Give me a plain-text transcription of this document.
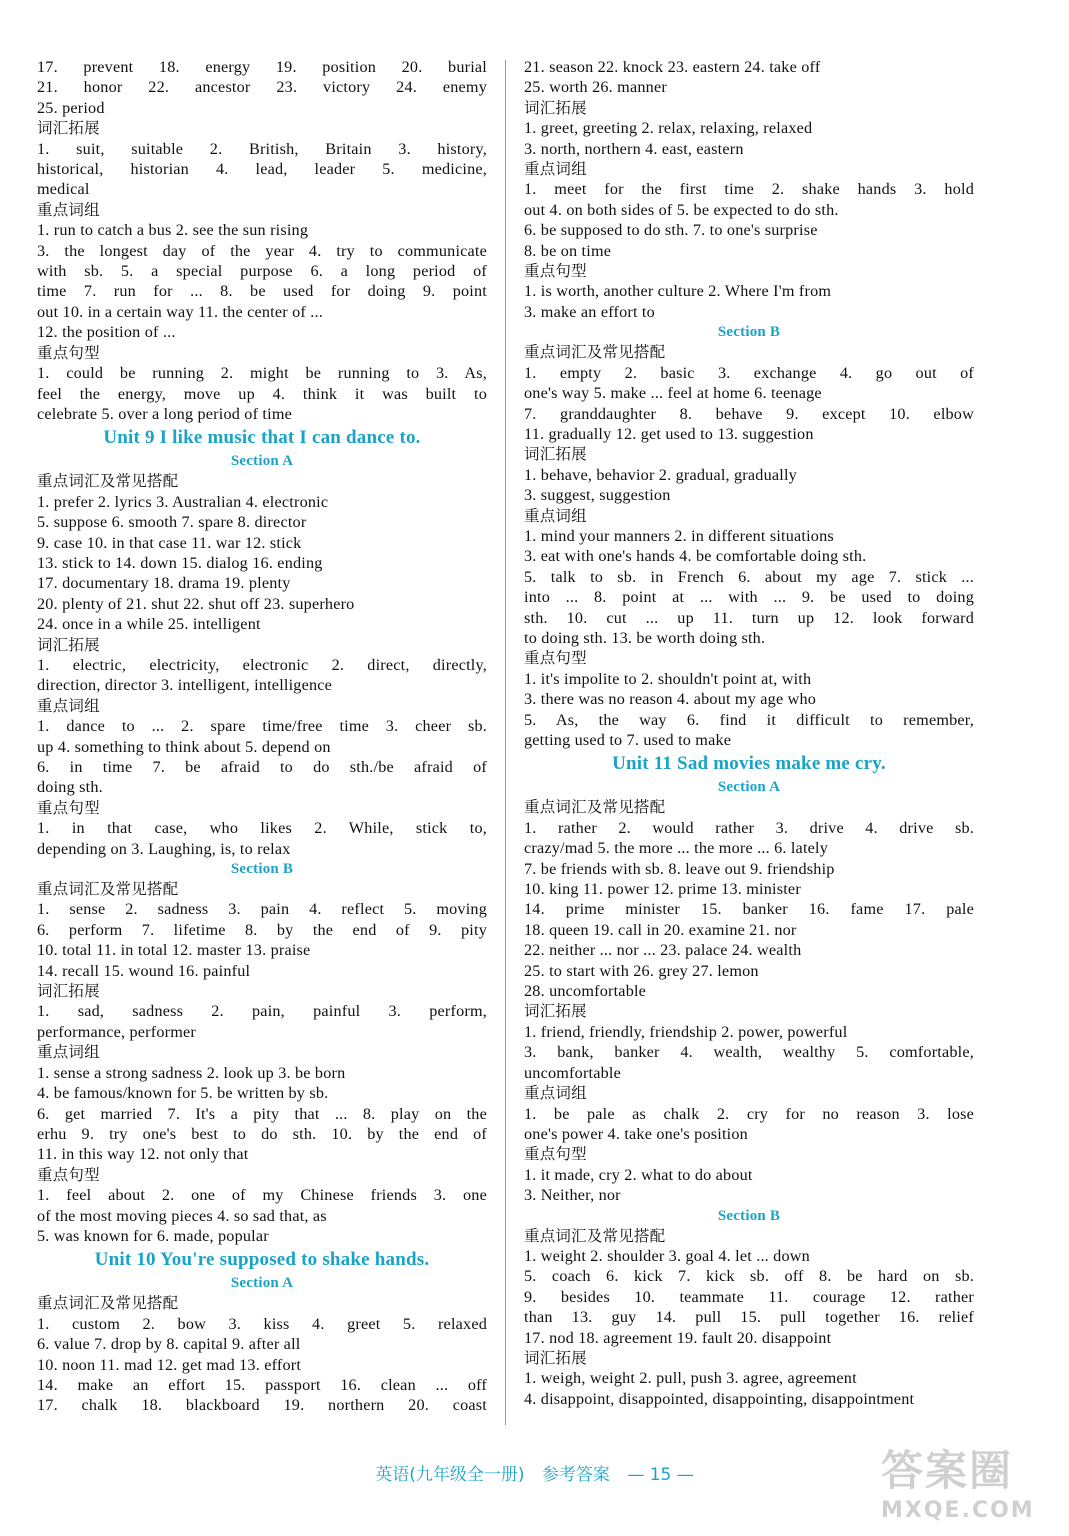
17. prevent 18. energy 19. position 20. burial
21. honor 22. ancestor 23. victory 24. enemy
25. period
词汇拓展
1. suit, suitable 2. British, Britain 3. history,
historical, historian 4. lead, leader 5. medicine,
medical
重点词组
1. run to catch a bus 2. see the sun rising
3. the longest day of the year 4. try to communicate
with sb. 5. a special purpose 6. a long period of
time 7. run for ... 8. be used for doing 9. point
out 10. in a certain way 11. the center of ...
12. the position of ...
重点句型
1. could be running 2. might be running to 3. As,
feel the energy, move up 4. think it was built to
celebrate 5. over a long period of time
Unit 9 I like music that I can dance to.
Section A
重点词汇及常见搭配
1. prefer 2. lyrics 3. Australian 4. electronic
5. suppose 6. smooth 7. spare 8. director
9. case 10. in that case 11. war 12. stick
13. stick to 14. down 15. dialog 16. ending
17. documentary 18. drama 19. plenty
20. plenty of 21. shut 22. shut off 23. superhero
24. once in a while 25. intelligent
词汇拓展
1. electric, electricity, electronic 2. direct, directly,
direction, director 3. intelligent, intelligence
重点词组
1. dance to ... 2. spare time/free time 3. cheer sb.
up 4. something to think about 5. depend on
6. in time 7. be afraid to do sth./be afraid of
doing sth.
重点句型
1. in that case, who likes 2. While, stick to,
depending on 3. Laughing, is, to relax
Section B
重点词汇及常见搭配
1. sense 2. sadness 3. pain 4. reflect 5. moving
6. perform 7. lifetime 8. by the end of 9. pity
10. total 11. in total 12. master 13. praise
14. recall 15. wound 16. painful
词汇拓展
1. sad, sadness 2. pain, painful 3. perform,
performance, performer
重点词组
1. sense a strong sadness 2. look up 3. be born
4. be famous/known for 5. be written by sb.
6. get married 7. It's a pity that ... 8. play on the
erhu 9. try one's best to do sth. 10. by the end of
11. in this way 12. not only that
重点句型
1. feel about 2. one of my Chinese friends 3. one
of the most moving pieces 4. so sad that, as
5. was known for 6. made, popular
Unit 10 You're supposed to shake hands.
Section A
重点词汇及常见搭配
1. custom 2. bow 3. kiss 4. greet 5. relaxed
6. value 7. drop by 8. capital 9. after all
10. noon 11. mad 12. get mad 13. effort
14. make an effort 15. passport 16. clean ... off
17. chalk 18. blackboard 19. northern 20. coast
21. season 22. knock 23. eastern 24. take off
25. worth 26. manner
词汇拓展
1. greet, greeting 2. relax, relaxing, relaxed
3. north, northern 4. east, eastern
重点词组
1. meet for the first time 2. shake hands 3. hold
out 4. on both sides of 5. be expected to do sth.
6. be supposed to do sth. 7. to one's surprise
8. be on time
重点句型
1. is worth, another culture 2. Where I'm from
3. make an effort to
Section B
重点词汇及常见搭配
1. empty 2. basic 3. exchange 4. go out of
one's way 5. make ... feel at home 6. teenage
7. granddaughter 8. behave 9. except 10. elbow
11. gradually 12. get used to 13. suggestion
词汇拓展
1. behave, behavior 2. gradual, gradually
3. suggest, suggestion
重点词组
1. mind your manners 2. in different situations
3. eat with one's hands 4. be comfortable doing sth.
5. talk to sb. in French 6. about my age 7. stick ...
into ... 8. point at ... with ... 9. be used to doing
sth. 10. cut ... up 11. turn up 12. look forward
to doing sth. 13. be worth doing sth.
重点句型
1. it's impolite to 2. shouldn't point at, with
3. there was no reason 4. about my age who
5. As, the way 6. find it difficult to remember,
getting used to 7. used to make
Unit 11 Sad movies make me cry.
Section A
重点词汇及常见搭配
1. rather 2. would rather 3. drive 4. drive sb.
crazy/mad 5. the more ... the more ... 6. lately
7. be friends with sb. 8. leave out 9. friendship
10. king 11. power 12. prime 13. minister
14. prime minister 15. banker 16. fame 17. pale
18. queen 19. call in 20. examine 21. nor
22. neither ... nor ... 23. palace 24. wealth
25. to start with 26. grey 27. lemon
28. uncomfortable
词汇拓展
1. friend, friendly, friendship 2. power, powerful
3. bank, banker 4. wealth, wealthy 5. comfortable,
uncomfortable
重点词组
1. be pale as chalk 2. cry for no reason 3. lose
one's power 4. take one's position
重点句型
1. it made, cry 2. what to do about
3. Neither, nor
Section B
重点词汇及常见搭配
1. weight 2. shoulder 3. goal 4. let ... down
5. coach 6. kick 7. kick sb. off 8. be hard on sb.
9. besides 10. teammate 11. courage 12. rather
than 13. guy 14. pull 15. pull together 16. relief
17. nod 18. agreement 19. fault 20. disappoint
词汇拓展
1. weigh, weight 2. pull, push 3. agree, agreement
4. disappoint, disappointed, disappointing, disappointment
英语(九年级全一册) 参考答案 — 15 —	答案圈
MXQE.COM
